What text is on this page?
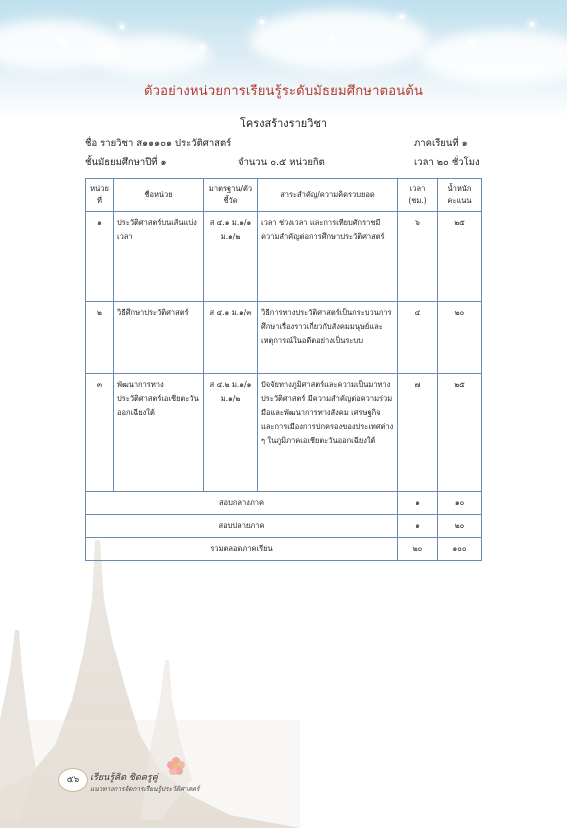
ตัวอย่างหน่วยการเรียนรู้ระดับมัธยมศึกษาตอนต้น
โครงสร้างรายวิชา
ชื่อ รายวิชา ส๑๑๑๐๑ ประวัติศาสตร์	ภาคเรียนที่ ๑
ชั้นมัธยมศึกษาปีที่ ๑	จำนวน ๐.๕ หน่วยกิต	เวลา ๒๐ ชั่วโมง
หน่วยที่	ชื่อหน่วย	มาตรฐาน/ตัวชี้วัด	สาระสำคัญ/ความคิดรวบยอด	เวลา (ชม.)	น้ำหนักคะแนน
๑	ประวัติศาสตร์บนเส้นแบ่งเวลา	ส ๔.๑ ม.๑/๑ ม.๑/๒	เวลา ช่วงเวลา และการเทียบศักราชมีความสำคัญต่อการศึกษาประวัติศาสตร์	๖	๒๕
๒	วิธีศึกษาประวัติศาสตร์	ส ๔.๑ ม.๑/๓	วิธีการทางประวัติศาสตร์เป็นกระบวนการศึกษาเรื่องราวเกี่ยวกับสังคมมนุษย์และเหตุการณ์ในอดีตอย่างเป็นระบบ	๔	๒๐
๓	พัฒนาการทางประวัติศาสตร์เอเชียตะวันออกเฉียงใต้	ส ๔.๒ ม.๑/๑ ม.๑/๒	ปัจจัยทางภูมิศาสตร์และความเป็นมาทางประวัติศาสตร์ มีความสำคัญต่อความร่วมมือและพัฒนาการทางสังคม เศรษฐกิจ และการเมืองการปกครองของประเทศต่าง ๆ ในภูมิภาคเอเชียตะวันออกเฉียงใต้	๗	๒๕
สอบกลางภาค				๑	๑๐
สอบปลายภาค				๑	๒๐
รวมตลอดภาคเรียน				๒๐	๑๐๐
๕๖	เรียนรู้คิด ชิดครูคู่
แนวทางการจัดการเรียนรู้ประวัติศาสตร์
